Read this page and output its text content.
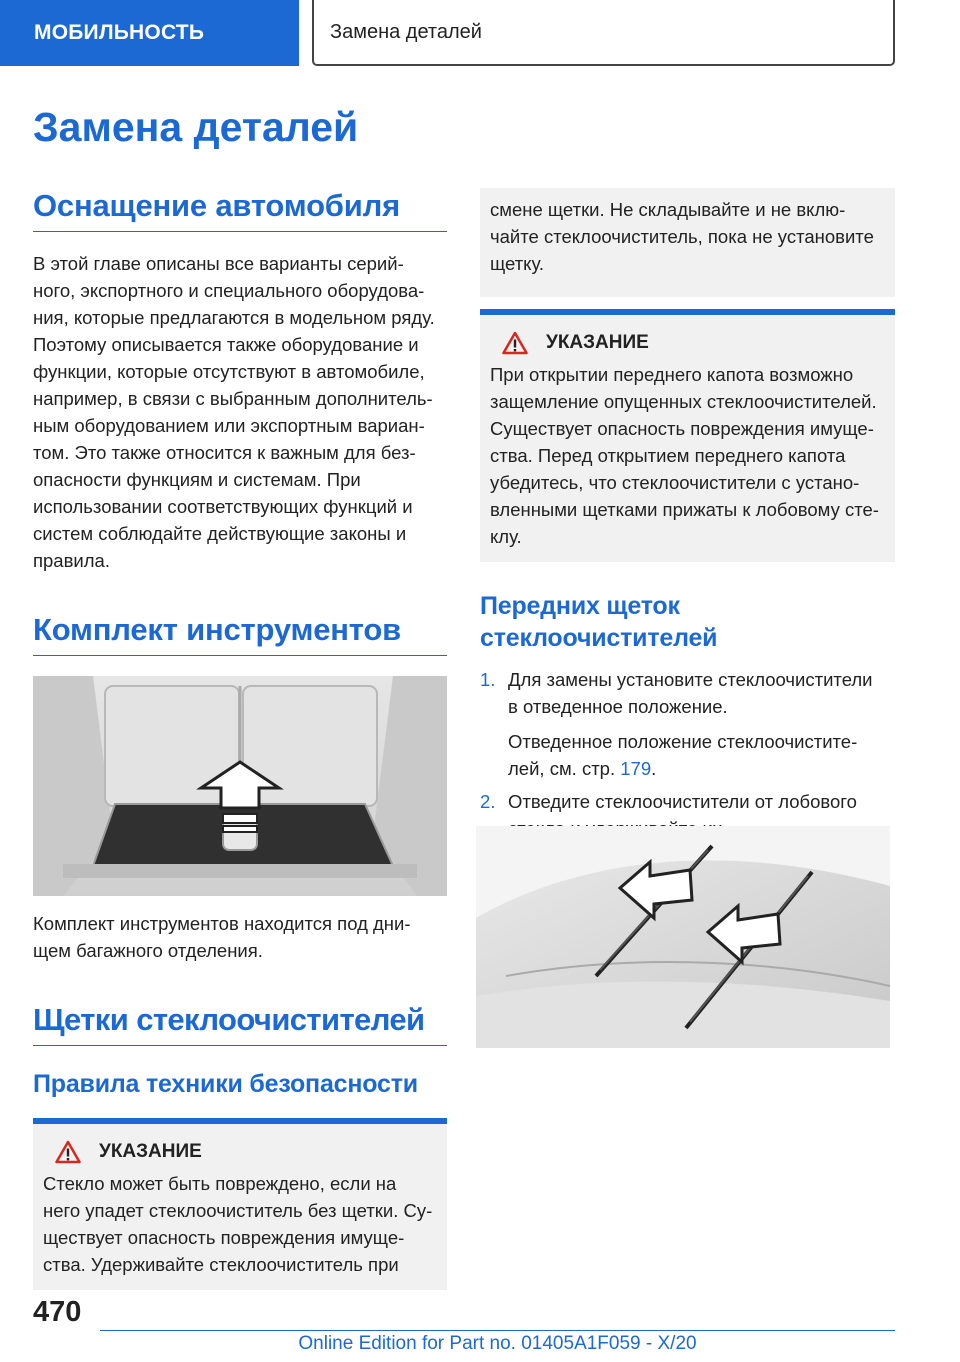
МОБИЛЬНОСТЬ	Замена деталей
Замена деталей
Оснащение автомобиля
В этой главе описаны все варианты серий-
ного, экспортного и специального оборудова-
ния, которые предлагаются в модельном ряду.
Поэтому описывается также оборудование и
функции, которые отсутствуют в автомобиле,
например, в связи с выбранным дополнитель-
ным оборудованием или экспортным вариан-
том. Это также относится к важным для без-
опасности функциям и системам. При
использовании соответствующих функций и
систем соблюдайте действующие законы и
правила.
Комплект инструментов
Комплект инструментов находится под дни-
щем багажного отделения.
Щетки стеклоочистителей
Правила техники безопасности
УКАЗАНИЕ
Стекло может быть повреждено, если на
него упадет стеклоочиститель без щетки. Су-
ществует опасность повреждения имуще-
ства. Удерживайте стеклоочиститель при
смене щетки. Не складывайте и не вклю-
чайте стеклоочиститель, пока не установите
щетку.
УКАЗАНИЕ
При открытии переднего капота возможно
защемление опущенных стеклоочистителей.
Существует опасность повреждения имуще-
ства. Перед открытием переднего капота
убедитесь, что стеклоочистители с устано-
вленными щетками прижаты к лобовому сте-
клу.
Передних щеток
стеклоочистителей
1. Для замены установите стеклоочистители
в отведенное положение.
Отведенное положение стеклоочистите-
лей, см. стр. 179.
2. Отведите стеклоочистители от лобового
470
Online Edition for Part no. 01405A1F059 - X/20
